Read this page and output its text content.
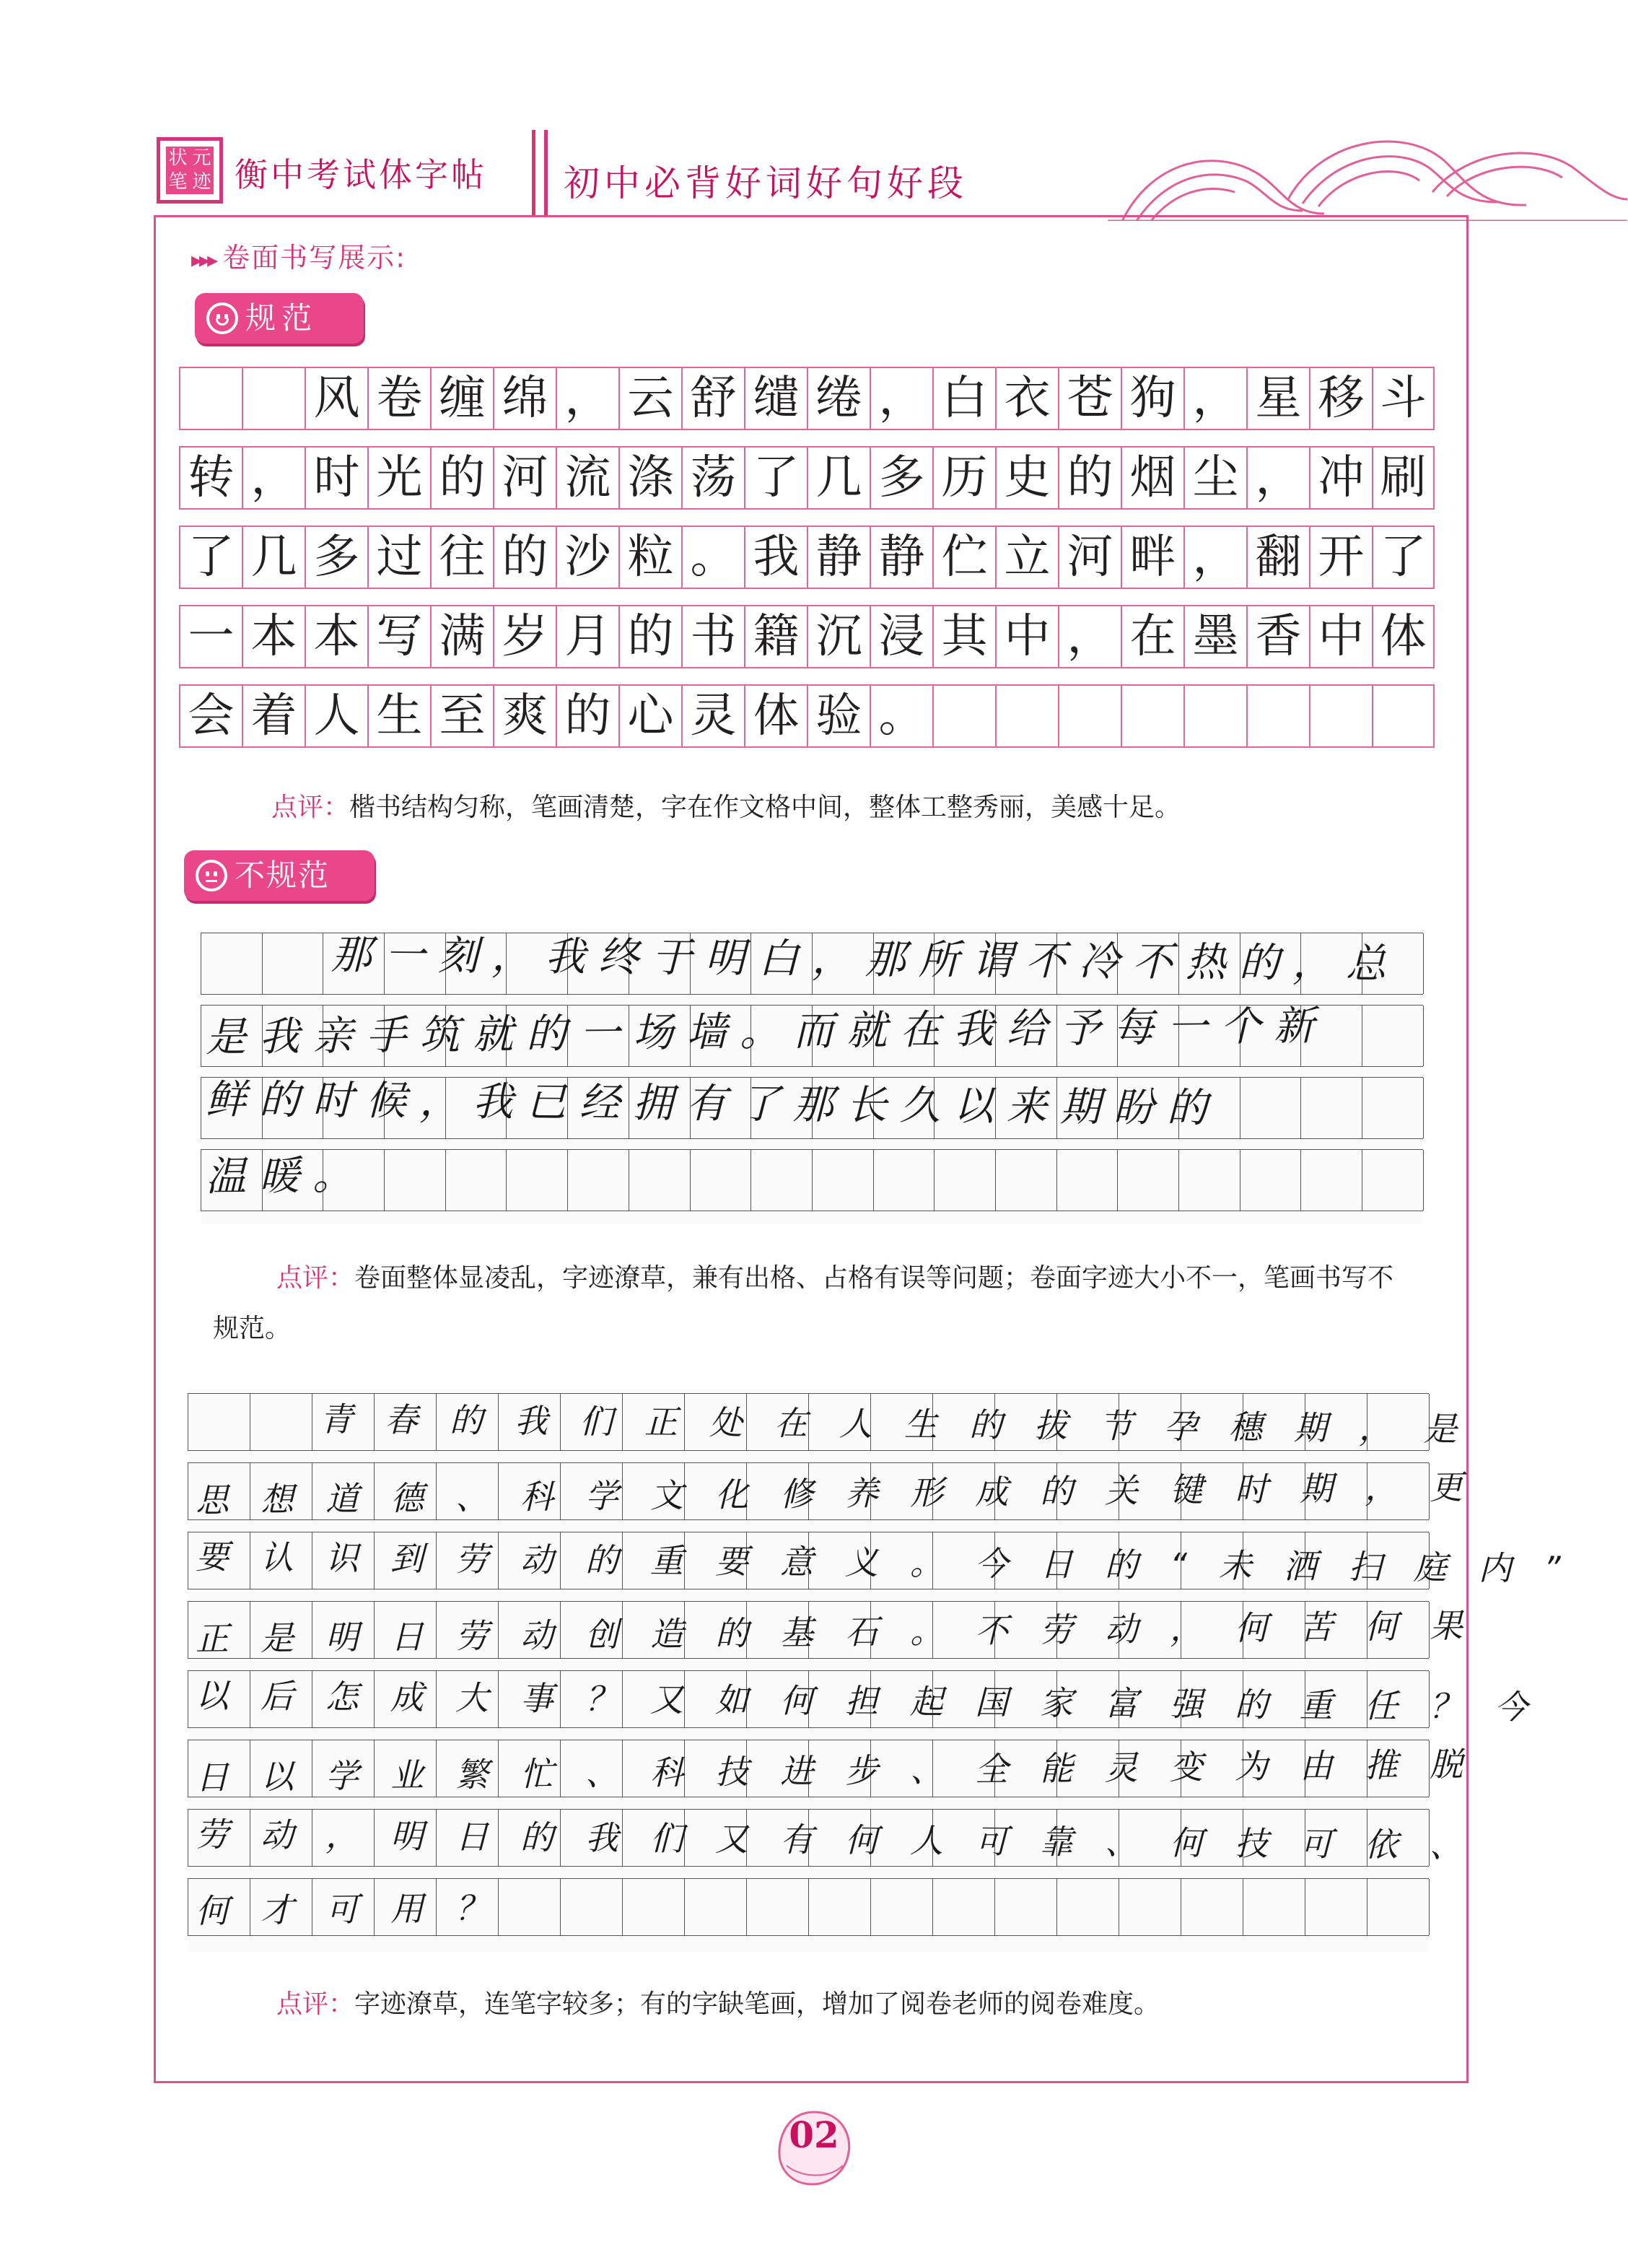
状 元
笔 迹 衡中考试体字帖 初中必背好词好句好段
▸▸▸ 卷面书写展示:
规范
风 卷 缠 绵 ， 云 舒 缱 绻 ， 白 衣 苍 狗 ， 星 移 斗
转 ， 时 光 的 河 流 涤 荡 了 几 多 历 史 的 烟 尘 ， 冲 刷
了 几 多 过 往 的 沙 粒 。 我 静 静 伫 立 河 畔 ， 翻 开 了
一 本 本 写 满 岁 月 的 书 籍 沉 浸 其 中 ， 在 墨 香 中 体
会 着 人 生 至 爽 的 心 灵 体 验 。
点评：楷书结构匀称，笔画清楚，字在作文格中间，整体工整秀丽，美感十足。
不规范
那一刻，我终于明白，那所谓不冷不热的，总
是我亲手筑就的一场墙。而就在我给予每一个新
鲜的时候，我已经拥有了那长久以来期盼的
温暖。
点评：卷面整体显凌乱，字迹潦草，兼有出格、占格有误等问题；卷面字迹大小不一，笔画书写不规范。
青春的我们正处在人生的拔节孕穗期，是
思想道德、科学文化修养形成的关键时期，更
要认识到劳动的重要意义。今日的“未洒扫庭内”
正是明日劳动创造的基石。不劳动，何苦何果
以后怎成大事？又如何担起国家富强的重任？今
日以学业繁忙、科技进步、全能灵变为由推脱
劳动，明日的我们又有何人可靠、何技可依、
何才可用？
点评：字迹潦草，连笔字较多；有的字缺笔画，增加了阅卷老师的阅卷难度。
02
